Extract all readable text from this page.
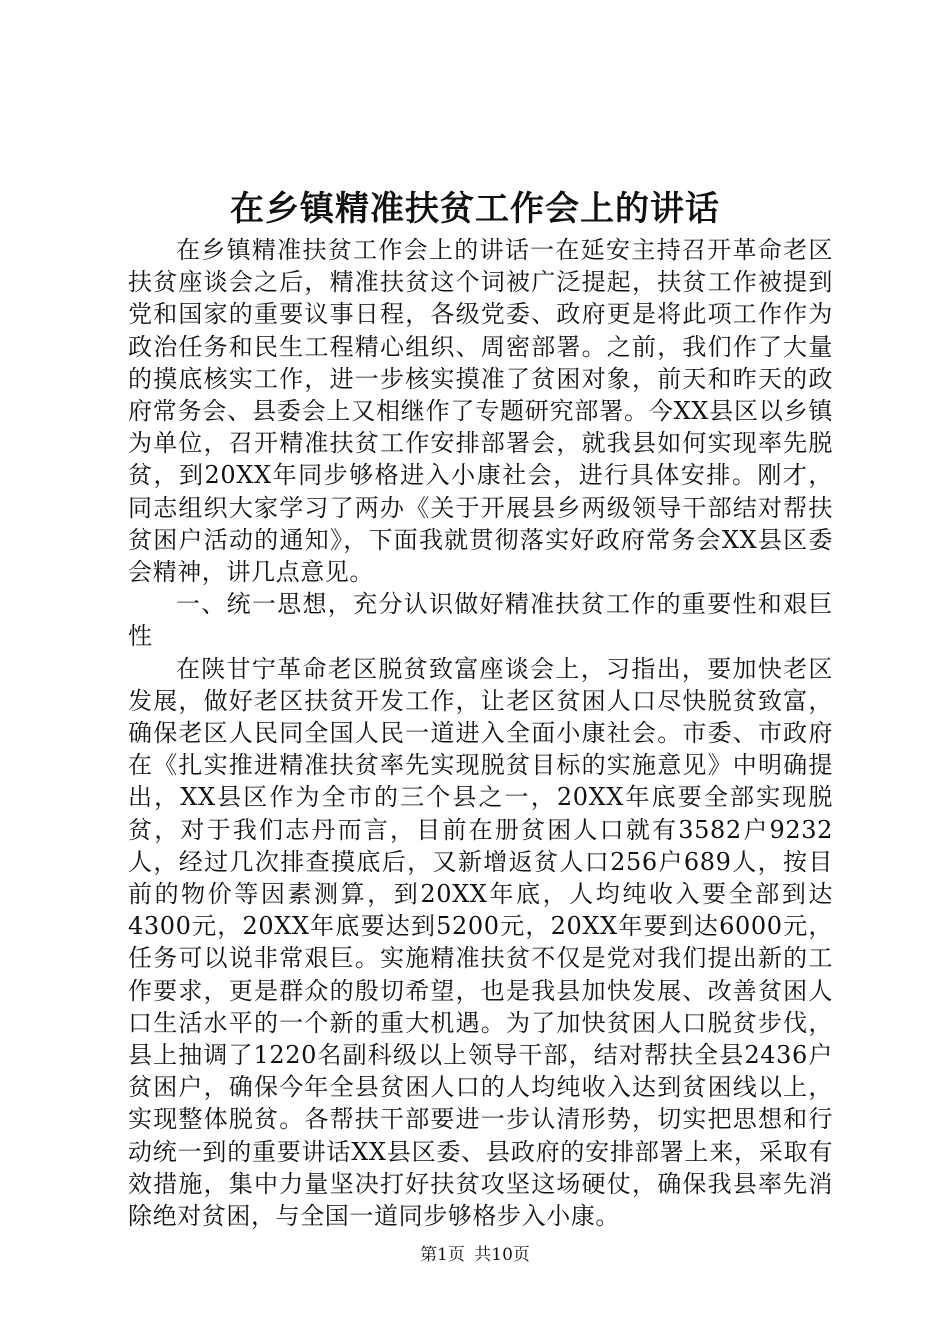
在乡镇精准扶贫工作会上的讲话

在乡镇精准扶贫工作会上的讲话一在延安主持召开革命老区扶贫座谈会之后，精准扶贫这个词被广泛提起，扶贫工作被提到党和国家的重要议事日程，各级党委、政府更是将此项工作作为政治任务和民生工程精心组织、周密部署。之前，我们作了大量的摸底核实工作，进一步核实摸准了贫困对象，前天和昨天的政府常务会、县委会上又相继作了专题研究部署。今XX县区以乡镇为单位，召开精准扶贫工作安排部署会，就我县如何实现率先脱贫，到20XX年同步够格进入小康社会，进行具体安排。刚才，同志组织大家学习了两办《关于开展县乡两级领导干部结对帮扶贫困户活动的通知》，下面我就贯彻落实好政府常务会XX县区委会精神，讲几点意见。

一、统一思想，充分认识做好精准扶贫工作的重要性和艰巨性

在陕甘宁革命老区脱贫致富座谈会上，习指出，要加快老区发展，做好老区扶贫开发工作，让老区贫困人口尽快脱贫致富，确保老区人民同全国人民一道进入全面小康社会。市委、市政府在《扎实推进精准扶贫率先实现脱贫目标的实施意见》中明确提出，XX县区作为全市的三个县之一，20XX年底要全部实现脱贫，对于我们志丹而言，目前在册贫困人口就有3582户9232人，经过几次排查摸底后，又新增返贫人口256户689人，按目前的物价等因素测算，到20XX年底，人均纯收入要全部到达4300元，20XX年底要达到5200元，20XX年要到达6000元，任务可以说非常艰巨。实施精准扶贫不仅是党对我们提出新的工作要求，更是群众的殷切希望，也是我县加快发展、改善贫困人口生活水平的一个新的重大机遇。为了加快贫困人口脱贫步伐，县上抽调了1220名副科级以上领导干部，结对帮扶全县2436户贫困户，确保今年全县贫困人口的人均纯收入达到贫困线以上，实现整体脱贫。各帮扶干部要进一步认清形势，切实把思想和行动统一到的重要讲话XX县区委、县政府的安排部署上来，采取有效措施，集中力量坚决打好扶贫攻坚这场硬仗，确保我县率先消除绝对贫困，与全国一道同步够格步入小康。

第1页 共10页
